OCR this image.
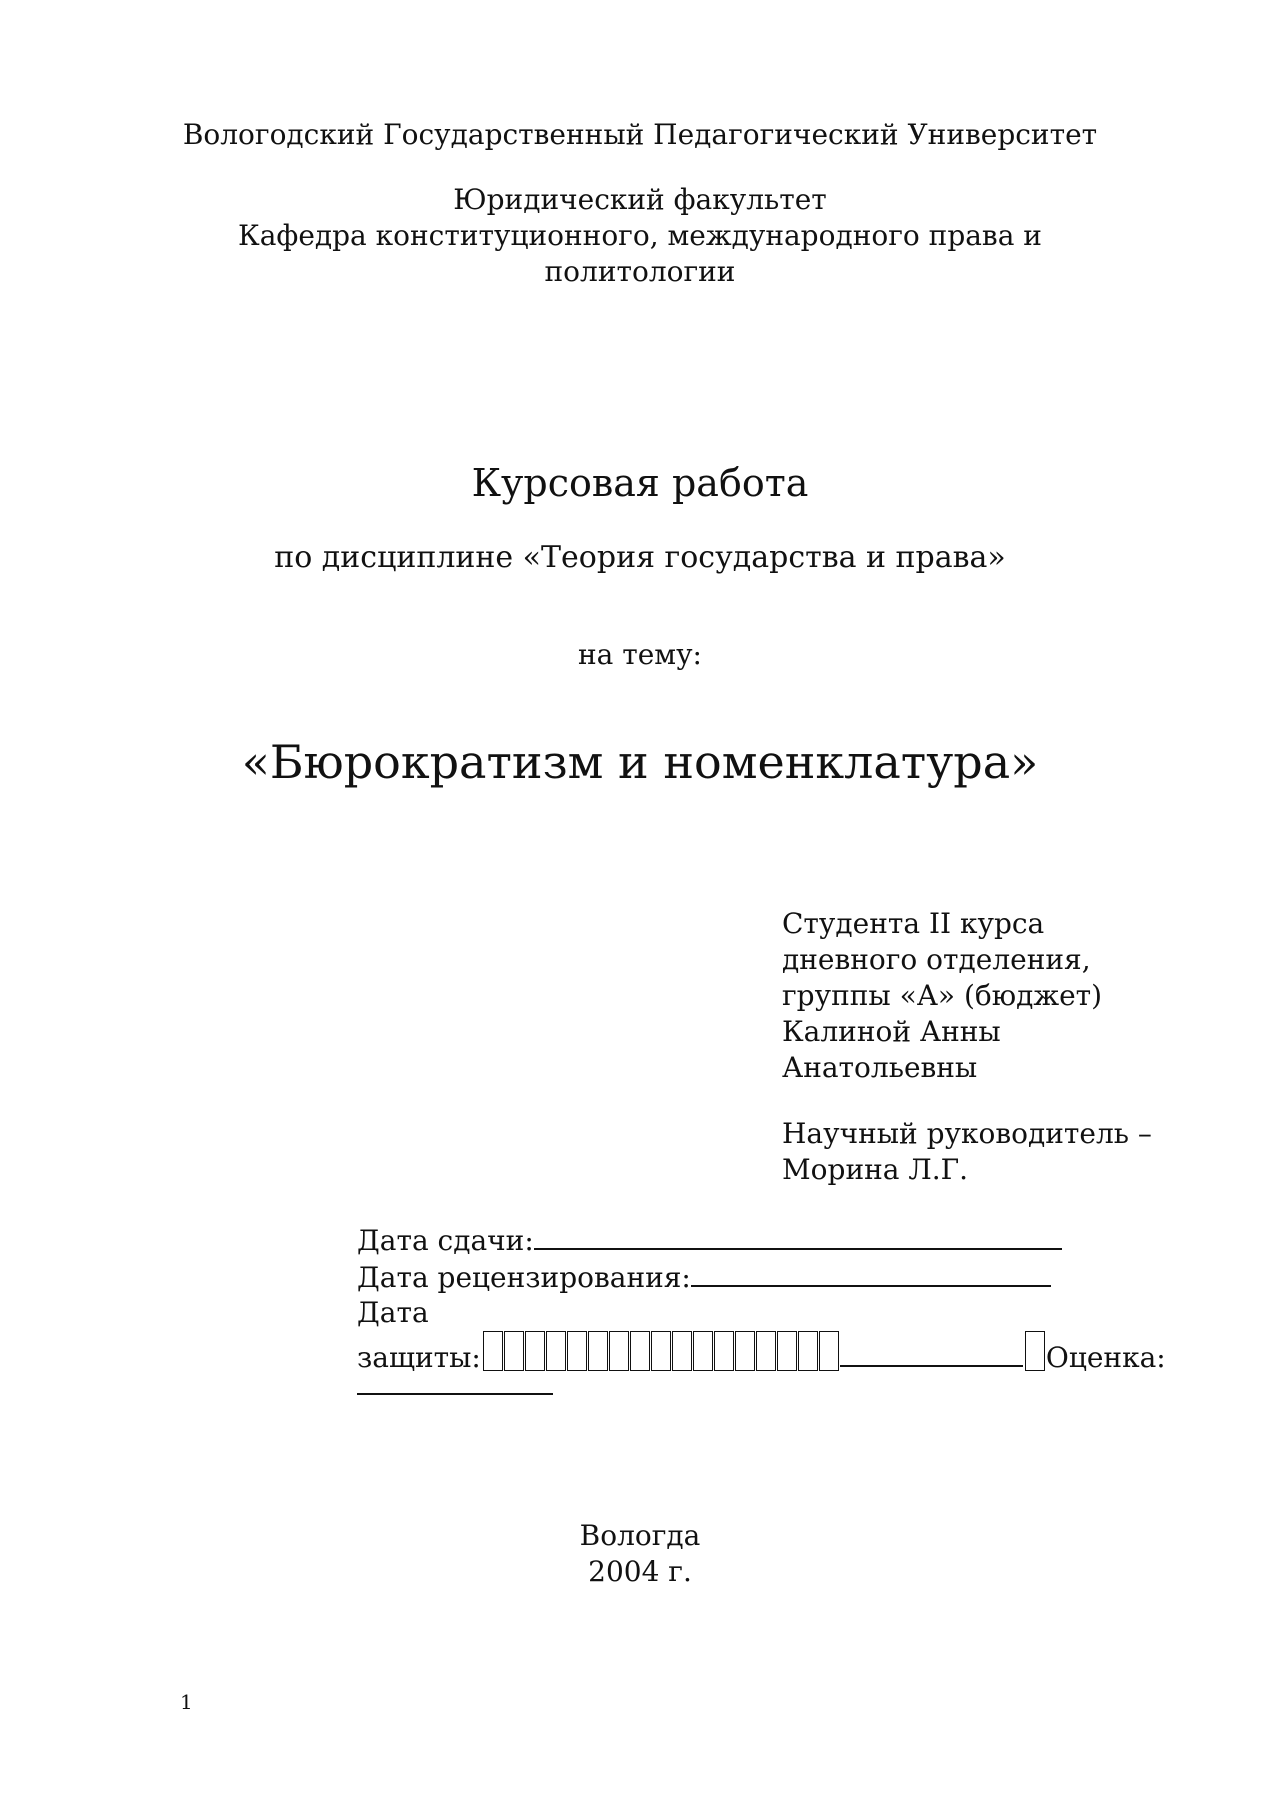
Вологодский Государственный Педагогический Университет
Юридический факультет
Кафедра конституционного, международного права и
политологии
Курсовая работа
по дисциплине «Теория государства и права»
на тему:
«Бюрократизм и номенклатура»
Студента II курса
дневного отделения,
группы «А» (бюджет)
Калиной Анны
Анатольевны
Научный руководитель –
Морина Л.Г.
Дата сдачи:
Дата рецензирования:
Дата
защиты:	Оценка:
Вологда
2004 г.
1
